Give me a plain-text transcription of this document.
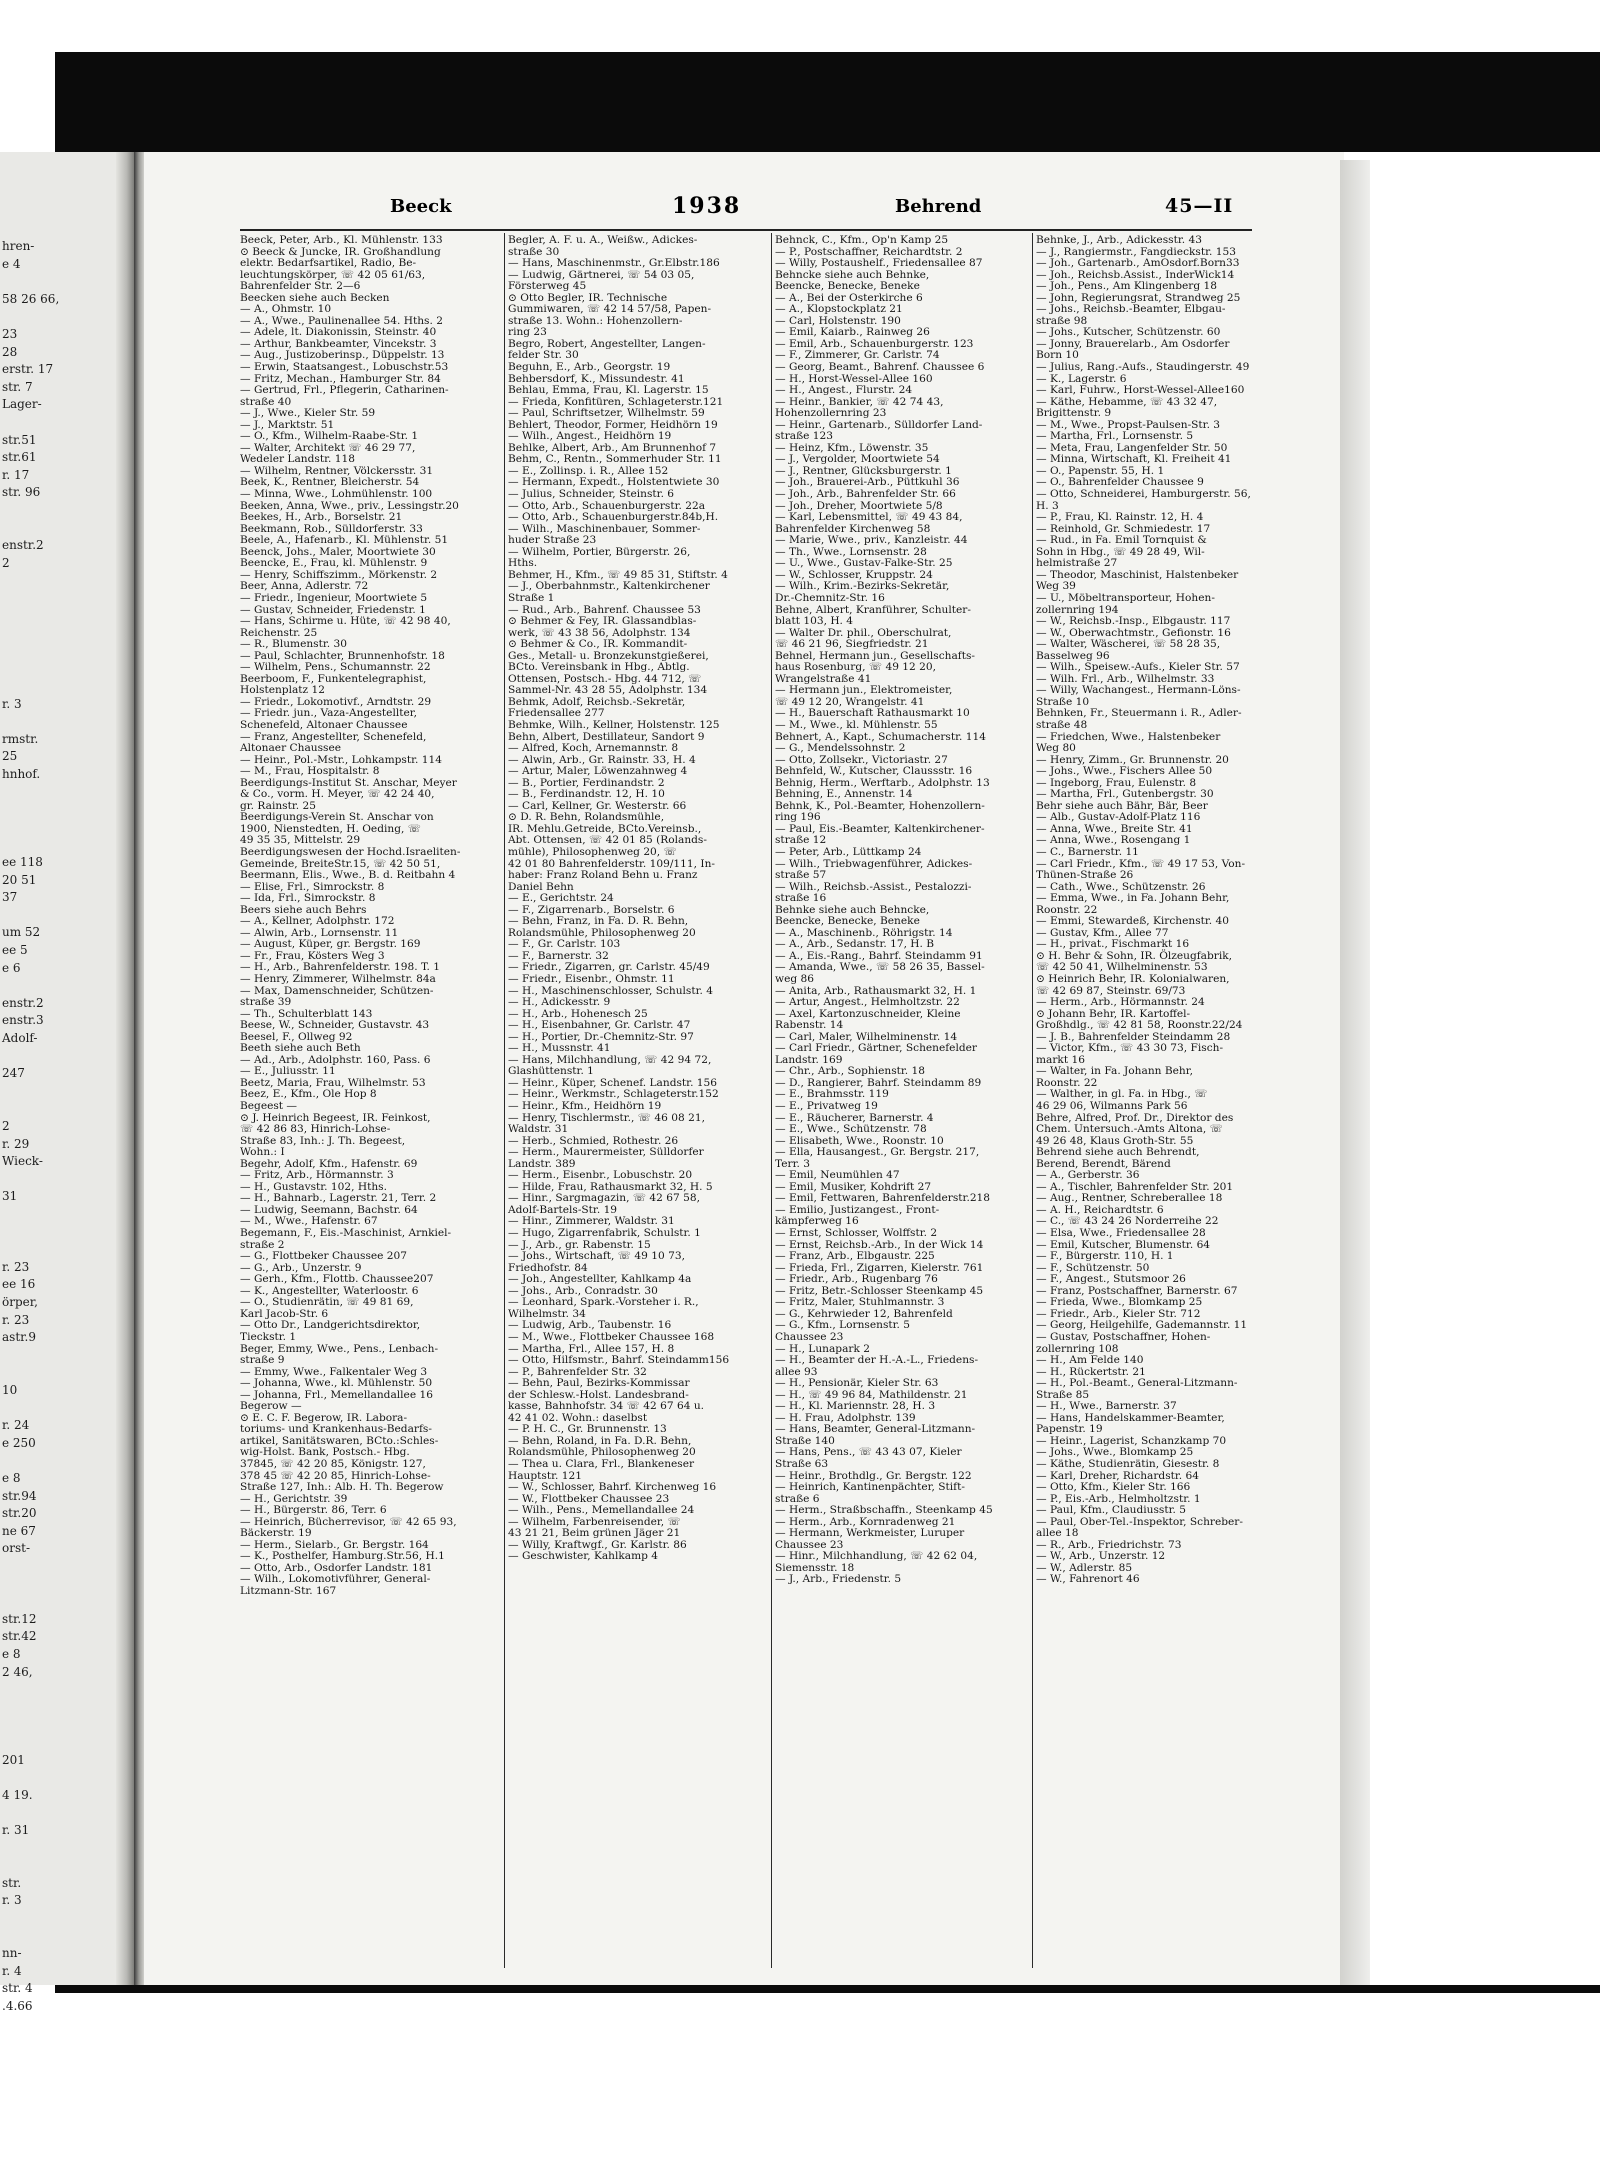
hren-
e 4
58 26 66,
23
28
erstr. 17
str. 7
Lager-
str.51
str.61
r. 17
str. 96
enstr.2
2
r. 3
rmstr.
25
hnhof.
ee 118
20 51
37
um 52
ee 5
e 6
enstr.2
enstr.3
Adolf-
247
2
r. 29
Wieck-
31
r. 23
ee 16
örper,
r. 23
astr.9
10
r. 24
e 250
e 8
str.94
str.20
ne 67
orst-
str.12
str.42
e 8
2 46,
201
4 19.
r. 31
str.
r. 3
nn-
r. 4
str. 4
.4.66
Beeck	1938	Behrend	45—II
Beeck, Peter, Arb., Kl. Mühlenstr. 133
⊙ Beeck & Juncke, IR. Großhandlung
elektr. Bedarfsartikel, Radio, Be-
leuchtungskörper, ☏ 42 05 61/63,
Bahrenfelder Str. 2—6
Beecken siehe auch Becken
— A., Ohmstr. 10
— A., Wwe., Paulinenallee 54. Hths. 2
— Adele, lt. Diakonissin, Steinstr. 40
— Arthur, Bankbeamter, Vincekstr. 3
— Aug., Justizoberinsp., Düppelstr. 13
— Erwin, Staatsangest., Lobuschstr.53
— Fritz, Mechan., Hamburger Str. 84
— Gertrud, Frl., Pflegerin, Catharinen-
straße 40
— J., Wwe., Kieler Str. 59
— J., Marktstr. 51
— O., Kfm., Wilhelm-Raabe-Str. 1
— Walter, Architekt ☏ 46 29 77,
Wedeler Landstr. 118
— Wilhelm, Rentner, Völckersstr. 31
Beek, K., Rentner, Bleicherstr. 54
— Minna, Wwe., Lohmühlenstr. 100
Beeken, Anna, Wwe., priv., Lessingstr.20
Beekes, H., Arb., Borselstr. 21
Beekmann, Rob., Sülldorferstr. 33
Beele, A., Hafenarb., Kl. Mühlenstr. 51
Beenck, Johs., Maler, Moortwiete 30
Beencke, E., Frau, kl. Mühlenstr. 9
— Henry, Schiffszimm., Mörkenstr. 2
Beer, Anna, Adlerstr. 72
— Friedr., Ingenieur, Moortwiete 5
— Gustav, Schneider, Friedenstr. 1
— Hans, Schirme u. Hüte, ☏ 42 98 40,
Reichenstr. 25
— R., Blumenstr. 30
— Paul, Schlachter, Brunnenhofstr. 18
— Wilhelm, Pens., Schumannstr. 22
Beerboom, F., Funkentelegraphist,
Holstenplatz 12
— Friedr., Lokomotivf., Arndtstr. 29
— Friedr. jun., Vaza-Angestellter,
Schenefeld, Altonaer Chaussee
— Franz, Angestellter, Schenefeld,
Altonaer Chaussee
— Heinr., Pol.-Mstr., Lohkampstr. 114
— M., Frau, Hospitalstr. 8
Beerdigungs-Institut St. Anschar, Meyer
& Co., vorm. H. Meyer, ☏ 42 24 40,
gr. Rainstr. 25
Beerdigungs-Verein St. Anschar von
1900, Nienstedten, H. Oeding, ☏
49 35 35, Mittelstr. 29
Beerdigungswesen der Hochd.Israeliten-
Gemeinde, BreiteStr.15, ☏ 42 50 51,
Beermann, Elis., Wwe., B. d. Reitbahn 4
— Elise, Frl., Simrockstr. 8
— Ida, Frl., Simrockstr. 8
Beers siehe auch Behrs
— A., Kellner, Adolphstr. 172
— Alwin, Arb., Lornsenstr. 11
— August, Küper, gr. Bergstr. 169
— Fr., Frau, Kösters Weg 3
— H., Arb., Bahrenfelderstr. 198. T. 1
— Henry, Zimmerer, Wilhelmstr. 84a
— Max, Damenschneider, Schützen-
straße 39
— Th., Schulterblatt 143
Beese, W., Schneider, Gustavstr. 43
Beesel, F., Ollweg 92
Beeth siehe auch Beth
— Ad., Arb., Adolphstr. 160, Pass. 6
— E., Juliusstr. 11
Beetz, Maria, Frau, Wilhelmstr. 53
Beez, E., Kfm., Ole Hop 8
Begeest —
⊙ J. Heinrich Begeest, IR. Feinkost,
☏ 42 86 83, Hinrich-Lohse-
Straße 83, Inh.: J. Th. Begeest,
Wohn.: I
Begehr, Adolf, Kfm., Hafenstr. 69
— Fritz, Arb., Hörmannstr. 3
— H., Gustavstr. 102, Hths.
— H., Bahnarb., Lagerstr. 21, Terr. 2
— Ludwig, Seemann, Bachstr. 64
— M., Wwe., Hafenstr. 67
Begemann, F., Eis.-Maschinist, Arnkiel-
straße 2
— G., Flottbeker Chaussee 207
— G., Arb., Unzerstr. 9
— Gerh., Kfm., Flottb. Chaussee207
— K., Angestellter, Waterloostr. 6
— O., Studienrätin, ☏ 49 81 69,
Karl Jacob-Str. 6
— Otto Dr., Landgerichtsdirektor,
Tieckstr. 1
Beger, Emmy, Wwe., Pens., Lenbach-
straße 9
— Emmy, Wwe., Falkentaler Weg 3
— Johanna, Wwe., kl. Mühlenstr. 50
— Johanna, Frl., Memellandallee 16
Begerow —
⊙ E. C. F. Begerow, IR. Labora-
toriums- und Krankenhaus-Bedarfs-
artikel, Sanitätswaren, BCto.:Schles-
wig-Holst. Bank, Postsch.- Hbg.
37845, ☏ 42 20 85, Königstr. 127,
378 45 ☏ 42 20 85, Hinrich-Lohse-
Straße 127, Inh.: Alb. H. Th. Begerow
— H., Gerichtstr. 39
— H., Bürgerstr. 86, Terr. 6
— Heinrich, Bücherrevisor, ☏ 42 65 93,
Bäckerstr. 19
— Herm., Sielarb., Gr. Bergstr. 164
— K., Posthelfer, Hamburg.Str.56, H.1
— Otto, Arb., Osdorfer Landstr. 181
— Wilh., Lokomotivführer, General-
Litzmann-Str. 167
Begler, A. F. u. A., Weißw., Adickes-
straße 30
— Hans, Maschinenmstr., Gr.Elbstr.186
— Ludwig, Gärtnerei, ☏ 54 03 05,
Försterweg 45
⊙ Otto Begler, IR. Technische
Gummiwaren, ☏ 42 14 57/58, Papen-
straße 13. Wohn.: Hohenzollern-
ring 23
Begro, Robert, Angestellter, Langen-
felder Str. 30
Beguhn, E., Arb., Georgstr. 19
Behbersdorf, K., Missundestr. 41
Behlau, Emma, Frau, Kl. Lagerstr. 15
— Frieda, Konfitüren, Schlageterstr.121
— Paul, Schriftsetzer, Wilhelmstr. 59
Behlert, Theodor, Former, Heidhörn 19
— Wilh., Angest., Heidhörn 19
Behlke, Albert, Arb., Am Brunnenhof 7
Behm, C., Rentn., Sommerhuder Str. 11
— E., Zollinsp. i. R., Allee 152
— Hermann, Expedt., Holstentwiete 30
— Julius, Schneider, Steinstr. 6
— Otto, Arb., Schauenburgerstr. 22a
— Otto, Arb., Schauenburgerstr.84b,H.
— Wilh., Maschinenbauer, Sommer-
huder Straße 23
— Wilhelm, Portier, Bürgerstr. 26,
Hths.
Behmer, H., Kfm., ☏ 49 85 31, Stiftstr. 4
— J., Oberbahnmstr., Kaltenkirchener
Straße 1
— Rud., Arb., Bahrenf. Chaussee 53
⊙ Behmer & Fey, IR. Glassandblas-
werk, ☏ 43 38 56, Adolphstr. 134
⊙ Behmer & Co., IR. Kommandit-
Ges., Metall- u. Bronzekunstgießerei,
BCto. Vereinsbank in Hbg., Abtlg.
Ottensen, Postsch.- Hbg. 44 712, ☏
Sammel-Nr. 43 28 55, Adolphstr. 134
Behmk, Adolf, Reichsb.-Sekretär,
Friedensallee 277
Behmke, Wilh., Kellner, Holstenstr. 125
Behn, Albert, Destillateur, Sandort 9
— Alfred, Koch, Arnemannstr. 8
— Alwin, Arb., Gr. Rainstr. 33, H. 4
— Artur, Maler, Löwenzahnweg 4
— B., Portier, Ferdinandstr. 2
— B., Ferdinandstr. 12, H. 10
— Carl, Kellner, Gr. Westerstr. 66
⊙ D. R. Behn, Rolandsmühle,
IR. Mehlu.Getreide, BCto.Vereinsb.,
Abt. Ottensen, ☏ 42 01 85 (Rolands-
mühle), Philosophenweg 20, ☏
42 01 80 Bahrenfelderstr. 109/111, In-
haber: Franz Roland Behn u. Franz
Daniel Behn
— E., Gerichtstr. 24
— F., Zigarrenarb., Borselstr. 6
— Behn, Franz, in Fa. D. R. Behn,
Rolandsmühle, Philosophenweg 20
— F., Gr. Carlstr. 103
— F., Barnerstr. 32
— Friedr., Zigarren, gr. Carlstr. 45/49
— Friedr., Eisenbr., Ohmstr. 11
— H., Maschinenschlosser, Schulstr. 4
— H., Adickesstr. 9
— H., Arb., Hohenesch 25
— H., Eisenbahner, Gr. Carlstr. 47
— H., Portier, Dr.-Chemnitz-Str. 97
— H., Mussnstr. 41
— Hans, Milchhandlung, ☏ 42 94 72,
Glashüttenstr. 1
— Heinr., Küper, Schenef. Landstr. 156
— Heinr., Werkmstr., Schlageterstr.152
— Heinr., Kfm., Heidhörn 19
— Henry, Tischlermstr., ☏ 46 08 21,
Waldstr. 31
— Herb., Schmied, Rothestr. 26
— Herm., Maurermeister, Sülldorfer
Landstr. 389
— Herm., Eisenbr., Lobuschstr. 20
— Hilde, Frau, Rathausmarkt 32, H. 5
— Hinr., Sargmagazin, ☏ 42 67 58,
Adolf-Bartels-Str. 19
— Hinr., Zimmerer, Waldstr. 31
— Hugo, Zigarrenfabrik, Schulstr. 1
— J., Arb., gr. Rabenstr. 15
— Johs., Wirtschaft, ☏ 49 10 73,
Friedhofstr. 84
— Joh., Angestellter, Kahlkamp 4a
— Johs., Arb., Conradstr. 30
— Leonhard, Spark.-Vorsteher i. R.,
Wilhelmstr. 34
— Ludwig, Arb., Taubenstr. 16
— M., Wwe., Flottbeker Chaussee 168
— Martha, Frl., Allee 157, H. 8
— Otto, Hilfsmstr., Bahrf. Steindamm156
— P., Bahrenfelder Str. 32
— Behn, Paul, Bezirks-Kommissar
der Schlesw.-Holst. Landesbrand-
kasse, Bahnhofstr. 34 ☏ 42 67 64 u.
42 41 02. Wohn.: daselbst
— P. H. C., Gr. Brunnenstr. 13
— Behn, Roland, in Fa. D.R. Behn,
Rolandsmühle, Philosophenweg 20
— Thea u. Clara, Frl., Blankeneser
Hauptstr. 121
— W., Schlosser, Bahrf. Kirchenweg 16
— W., Flottbeker Chaussee 23
— Wilh., Pens., Memellandallee 24
— Wilhelm, Farbenreisender, ☏
43 21 21, Beim grünen Jäger 21
— Willy, Kraftwgf., Gr. Karlstr. 86
— Geschwister, Kahlkamp 4
Behnck, C., Kfm., Op'n Kamp 25
— P., Postschaffner, Reichardtstr. 2
— Willy, Postaushelf., Friedensallee 87
Behncke siehe auch Behnke,
Beencke, Benecke, Beneke
— A., Bei der Osterkirche 6
— A., Klopstockplatz 21
— Carl, Holstenstr. 190
— Emil, Kaiarb., Rainweg 26
— Emil, Arb., Schauenburgerstr. 123
— F., Zimmerer, Gr. Carlstr. 74
— Georg, Beamt., Bahrenf. Chaussee 6
— H., Horst-Wessel-Allee 160
— H., Angest., Flurstr. 24
— Heinr., Bankier, ☏ 42 74 43,
Hohenzollernring 23
— Heinr., Gartenarb., Sülldorfer Land-
straße 123
— Heinz, Kfm., Löwenstr. 35
— J., Vergolder, Moortwiete 54
— J., Rentner, Glücksburgerstr. 1
— Joh., Brauerei-Arb., Püttkuhl 36
— Joh., Arb., Bahrenfelder Str. 66
— Joh., Dreher, Moortwiete 5/8
— Karl, Lebensmittel, ☏ 49 43 84,
Bahrenfelder Kirchenweg 58
— Marie, Wwe., priv., Kanzleistr. 44
— Th., Wwe., Lornsenstr. 28
— U., Wwe., Gustav-Falke-Str. 25
— W., Schlosser, Kruppstr. 24
— Wilh., Krim.-Bezirks-Sekretär,
Dr.-Chemnitz-Str. 16
Behne, Albert, Kranführer, Schulter-
blatt 103, H. 4
— Walter Dr. phil., Oberschulrat,
☏ 46 21 96, Siegfriedstr. 21
Behnel, Hermann jun., Gesellschafts-
haus Rosenburg, ☏ 49 12 20,
Wrangelstraße 41
— Hermann jun., Elektromeister,
☏ 49 12 20, Wrangelstr. 41
— H., Bauerschaft Rathausmarkt 10
— M., Wwe., kl. Mühlenstr. 55
Behnert, A., Kapt., Schumacherstr. 114
— G., Mendelssohnstr. 2
— Otto, Zollsekr., Victoriastr. 27
Behnfeld, W., Kutscher, Claussstr. 16
Behnig, Herm., Werftarb., Adolphstr. 13
Behning, E., Annenstr. 14
Behnk, K., Pol.-Beamter, Hohenzollern-
ring 196
— Paul, Eis.-Beamter, Kaltenkirchener-
straße 12
— Peter, Arb., Lüttkamp 24
— Wilh., Triebwagenführer, Adickes-
straße 57
— Wilh., Reichsb.-Assist., Pestalozzi-
straße 16
Behnke siehe auch Behncke,
Beencke, Benecke, Beneke
— A., Maschinenb., Röhrigstr. 14
— A., Arb., Sedanstr. 17, H. B
— A., Eis.-Rang., Bahrf. Steindamm 91
— Amanda, Wwe., ☏ 58 26 35, Bassel-
weg 86
— Anita, Arb., Rathausmarkt 32, H. 1
— Artur, Angest., Helmholtzstr. 22
— Axel, Kartonzuschneider, Kleine
Rabenstr. 14
— Carl, Maler, Wilhelminenstr. 14
— Carl Friedr., Gärtner, Schenefelder
Landstr. 169
— Chr., Arb., Sophienstr. 18
— D., Rangierer, Bahrf. Steindamm 89
— E., Brahmsstr. 119
— E., Privatweg 19
— E., Räucherer, Barnerstr. 4
— E., Wwe., Schützenstr. 78
— Elisabeth, Wwe., Roonstr. 10
— Ella, Hausangest., Gr. Bergstr. 217,
Terr. 3
— Emil, Neumühlen 47
— Emil, Musiker, Kohdrift 27
— Emil, Fettwaren, Bahrenfelderstr.218
— Emilio, Justizangest., Front-
kämpferweg 16
— Ernst, Schlosser, Wolffstr. 2
— Ernst, Reichsb.-Arb., In der Wick 14
— Franz, Arb., Elbgaustr. 225
— Frieda, Frl., Zigarren, Kielerstr. 761
— Friedr., Arb., Rugenbarg 76
— Fritz, Betr.-Schlosser Steenkamp 45
— Fritz, Maler, Stuhlmannstr. 3
— G., Kehrwieder 12, Bahrenfeld
— G., Kfm., Lornsenstr. 5
Chaussee 23
— H., Lunapark 2
— H., Beamter der H.-A.-L., Friedens-
allee 93
— H., Pensionär, Kieler Str. 63
— H., ☏ 49 96 84, Mathildenstr. 21
— H., Kl. Mariennstr. 28, H. 3
— H. Frau, Adolphstr. 139
— Hans, Beamter, General-Litzmann-
Straße 140
— Hans, Pens., ☏ 43 43 07, Kieler
Straße 63
— Heinr., Brothdlg., Gr. Bergstr. 122
— Heinrich, Kantinenpächter, Stift-
straße 6
— Herm., Straßbschaffn., Steenkamp 45
— Herm., Arb., Kornradenweg 21
— Hermann, Werkmeister, Luruper
Chaussee 23
— Hinr., Milchhandlung, ☏ 42 62 04,
Siemensstr. 18
— J., Arb., Friedenstr. 5
Behnke, J., Arb., Adickesstr. 43
— J., Rangiermstr., Fangdieckstr. 153
— Joh., Gartenarb., AmOsdorf.Born33
— Joh., Reichsb.Assist., InderWick14
— Joh., Pens., Am Klingenberg 18
— John, Regierungsrat, Strandweg 25
— Johs., Reichsb.-Beamter, Elbgau-
straße 98
— Johs., Kutscher, Schützenstr. 60
— Jonny, Brauerelarb., Am Osdorfer
Born 10
— Julius, Rang.-Aufs., Staudingerstr. 49
— K., Lagerstr. 6
— Karl, Fuhrw., Horst-Wessel-Allee160
— Käthe, Hebamme, ☏ 43 32 47,
Brigittenstr. 9
— M., Wwe., Propst-Paulsen-Str. 3
— Martha, Frl., Lornsenstr. 5
— Meta, Frau, Langenfelder Str. 50
— Minna, Wirtschaft, Kl. Freiheit 41
— O., Papenstr. 55, H. 1
— O., Bahrenfelder Chaussee 9
— Otto, Schneiderei, Hamburgerstr. 56,
H. 3
— P., Frau, Kl. Rainstr. 12, H. 4
— Reinhold, Gr. Schmiedestr. 17
— Rud., in Fa. Emil Tornquist &
Sohn in Hbg., ☏ 49 28 49, Wil-
helmistraße 27
— Theodor, Maschinist, Halstenbeker
Weg 39
— U., Möbeltransporteur, Hohen-
zollernring 194
— W., Reichsb.-Insp., Elbgaustr. 117
— W., Oberwachtmstr., Gefionstr. 16
— Walter, Wäscherei, ☏ 58 28 35,
Basselweg 96
— Wilh., Speisew.-Aufs., Kieler Str. 57
— Wilh. Frl., Arb., Wilhelmstr. 33
— Willy, Wachangest., Hermann-Löns-
Straße 10
Behnken, Fr., Steuermann i. R., Adler-
straße 48
— Friedchen, Wwe., Halstenbeker
Weg 80
— Henry, Zimm., Gr. Brunnenstr. 20
— Johs., Wwe., Fischers Allee 50
— Ingeborg, Frau, Eulenstr. 8
— Martha, Frl., Gutenbergstr. 30
Behr siehe auch Bähr, Bär, Beer
— Alb., Gustav-Adolf-Platz 116
— Anna, Wwe., Breite Str. 41
— Anna, Wwe., Rosengang 1
— C., Barnerstr. 11
— Carl Friedr., Kfm., ☏ 49 17 53, Von-
Thünen-Straße 26
— Cath., Wwe., Schützenstr. 26
— Emma, Wwe., in Fa. Johann Behr,
Roonstr. 22
— Emmi, Stewardeß, Kirchenstr. 40
— Gustav, Kfm., Allee 77
— H., privat., Fischmarkt 16
⊙ H. Behr & Sohn, IR. Ölzeugfabrik,
☏ 42 50 41, Wilhelminenstr. 53
⊙ Heinrich Behr, IR. Kolonialwaren,
☏ 42 69 87, Steinstr. 69/73
— Herm., Arb., Hörmannstr. 24
⊙ Johann Behr, IR. Kartoffel-
Großhdlg., ☏ 42 81 58, Roonstr.22/24
— J. B., Bahrenfelder Steindamm 28
— Victor, Kfm., ☏ 43 30 73, Fisch-
markt 16
— Walter, in Fa. Johann Behr,
Roonstr. 22
— Walther, in gl. Fa. in Hbg., ☏
46 29 06, Wilmanns Park 56
Behre, Alfred, Prof. Dr., Direktor des
Chem. Untersuch.-Amts Altona, ☏
49 26 48, Klaus Groth-Str. 55
Behrend siehe auch Behrendt,
Berend, Berendt, Bärend
— A., Gerberstr. 36
— A., Tischler, Bahrenfelder Str. 201
— Aug., Rentner, Schreberallee 18
— A. H., Reichardtstr. 6
— C., ☏ 43 24 26 Norderreihe 22
— Elsa, Wwe., Friedensallee 28
— Emil, Kutscher, Blumenstr. 64
— F., Bürgerstr. 110, H. 1
— F., Schützenstr. 50
— F., Angest., Stutsmoor 26
— Franz, Postschaffner, Barnerstr. 67
— Frieda, Wwe., Blomkamp 25
— Friedr., Arb., Kieler Str. 712
— Georg, Heilgehilfe, Gademannstr. 11
— Gustav, Postschaffner, Hohen-
zollernring 108
— H., Am Felde 140
— H., Rückertstr. 21
— H., Pol.-Beamt., General-Litzmann-
Straße 85
— H., Wwe., Barnerstr. 37
— Hans, Handelskammer-Beamter,
Papenstr. 19
— Heinr., Lagerist, Schanzkamp 70
— Johs., Wwe., Blomkamp 25
— Käthe, Studienrätin, Giesestr. 8
— Karl, Dreher, Richardstr. 64
— Otto, Kfm., Kieler Str. 166
— P., Eis.-Arb., Helmholtzstr. 1
— Paul, Kfm., Claudiusstr. 5
— Paul, Ober-Tel.-Inspektor, Schreber-
allee 18
— R., Arb., Friedrichstr. 73
— W., Arb., Unzerstr. 12
— W., Adlerstr. 85
— W., Fahrenort 46
